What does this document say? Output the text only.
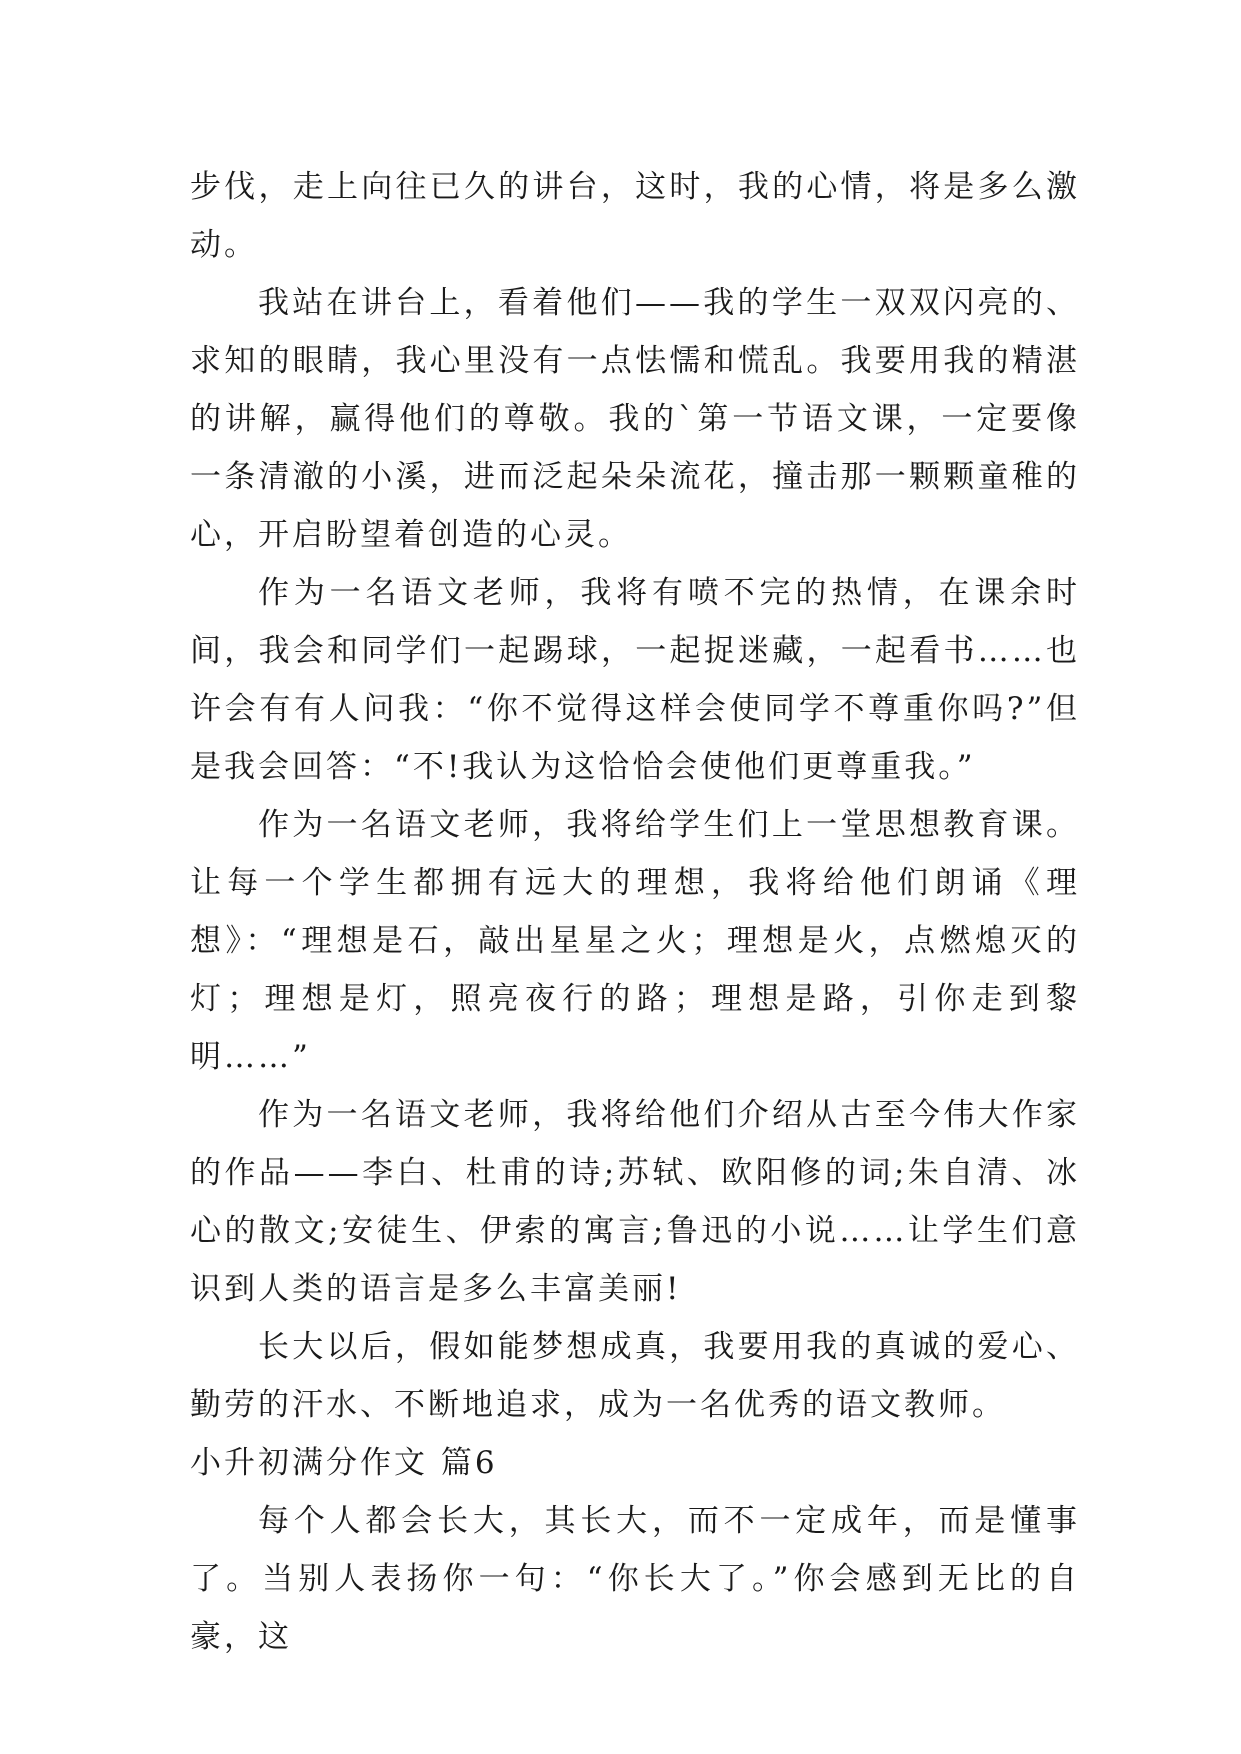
步伐，走上向往已久的讲台，这时，我的心情，将是多么激动。

我站在讲台上，看着他们——我的学生一双双闪亮的、求知的眼睛，我心里没有一点怯懦和慌乱。我要用我的精湛的讲解，赢得他们的尊敬。我的`第一节语文课，一定要像一条清澈的小溪，进而泛起朵朵流花，撞击那一颗颗童稚的心，开启盼望着创造的心灵。

作为一名语文老师，我将有喷不完的热情，在课余时间，我会和同学们一起踢球，一起捉迷藏，一起看书……也许会有有人问我：“你不觉得这样会使同学不尊重你吗?”但是我会回答：“不!我认为这恰恰会使他们更尊重我。”

作为一名语文老师，我将给学生们上一堂思想教育课。让每一个学生都拥有远大的理想，我将给他们朗诵《理想》：“理想是石，敲出星星之火；理想是火，点燃熄灭的灯；理想是灯，照亮夜行的路；理想是路，引你走到黎明……”

作为一名语文老师，我将给他们介绍从古至今伟大作家的作品——李白、杜甫的诗;苏轼、欧阳修的词;朱自清、冰心的散文;安徒生、伊索的寓言;鲁迅的小说……让学生们意识到人类的语言是多么丰富美丽!

长大以后，假如能梦想成真，我要用我的真诚的爱心、勤劳的汗水、不断地追求，成为一名优秀的语文教师。

小升初满分作文 篇6

每个人都会长大，其长大，而不一定成年，而是懂事了。当别人表扬你一句：“你长大了。”你会感到无比的自豪，这
